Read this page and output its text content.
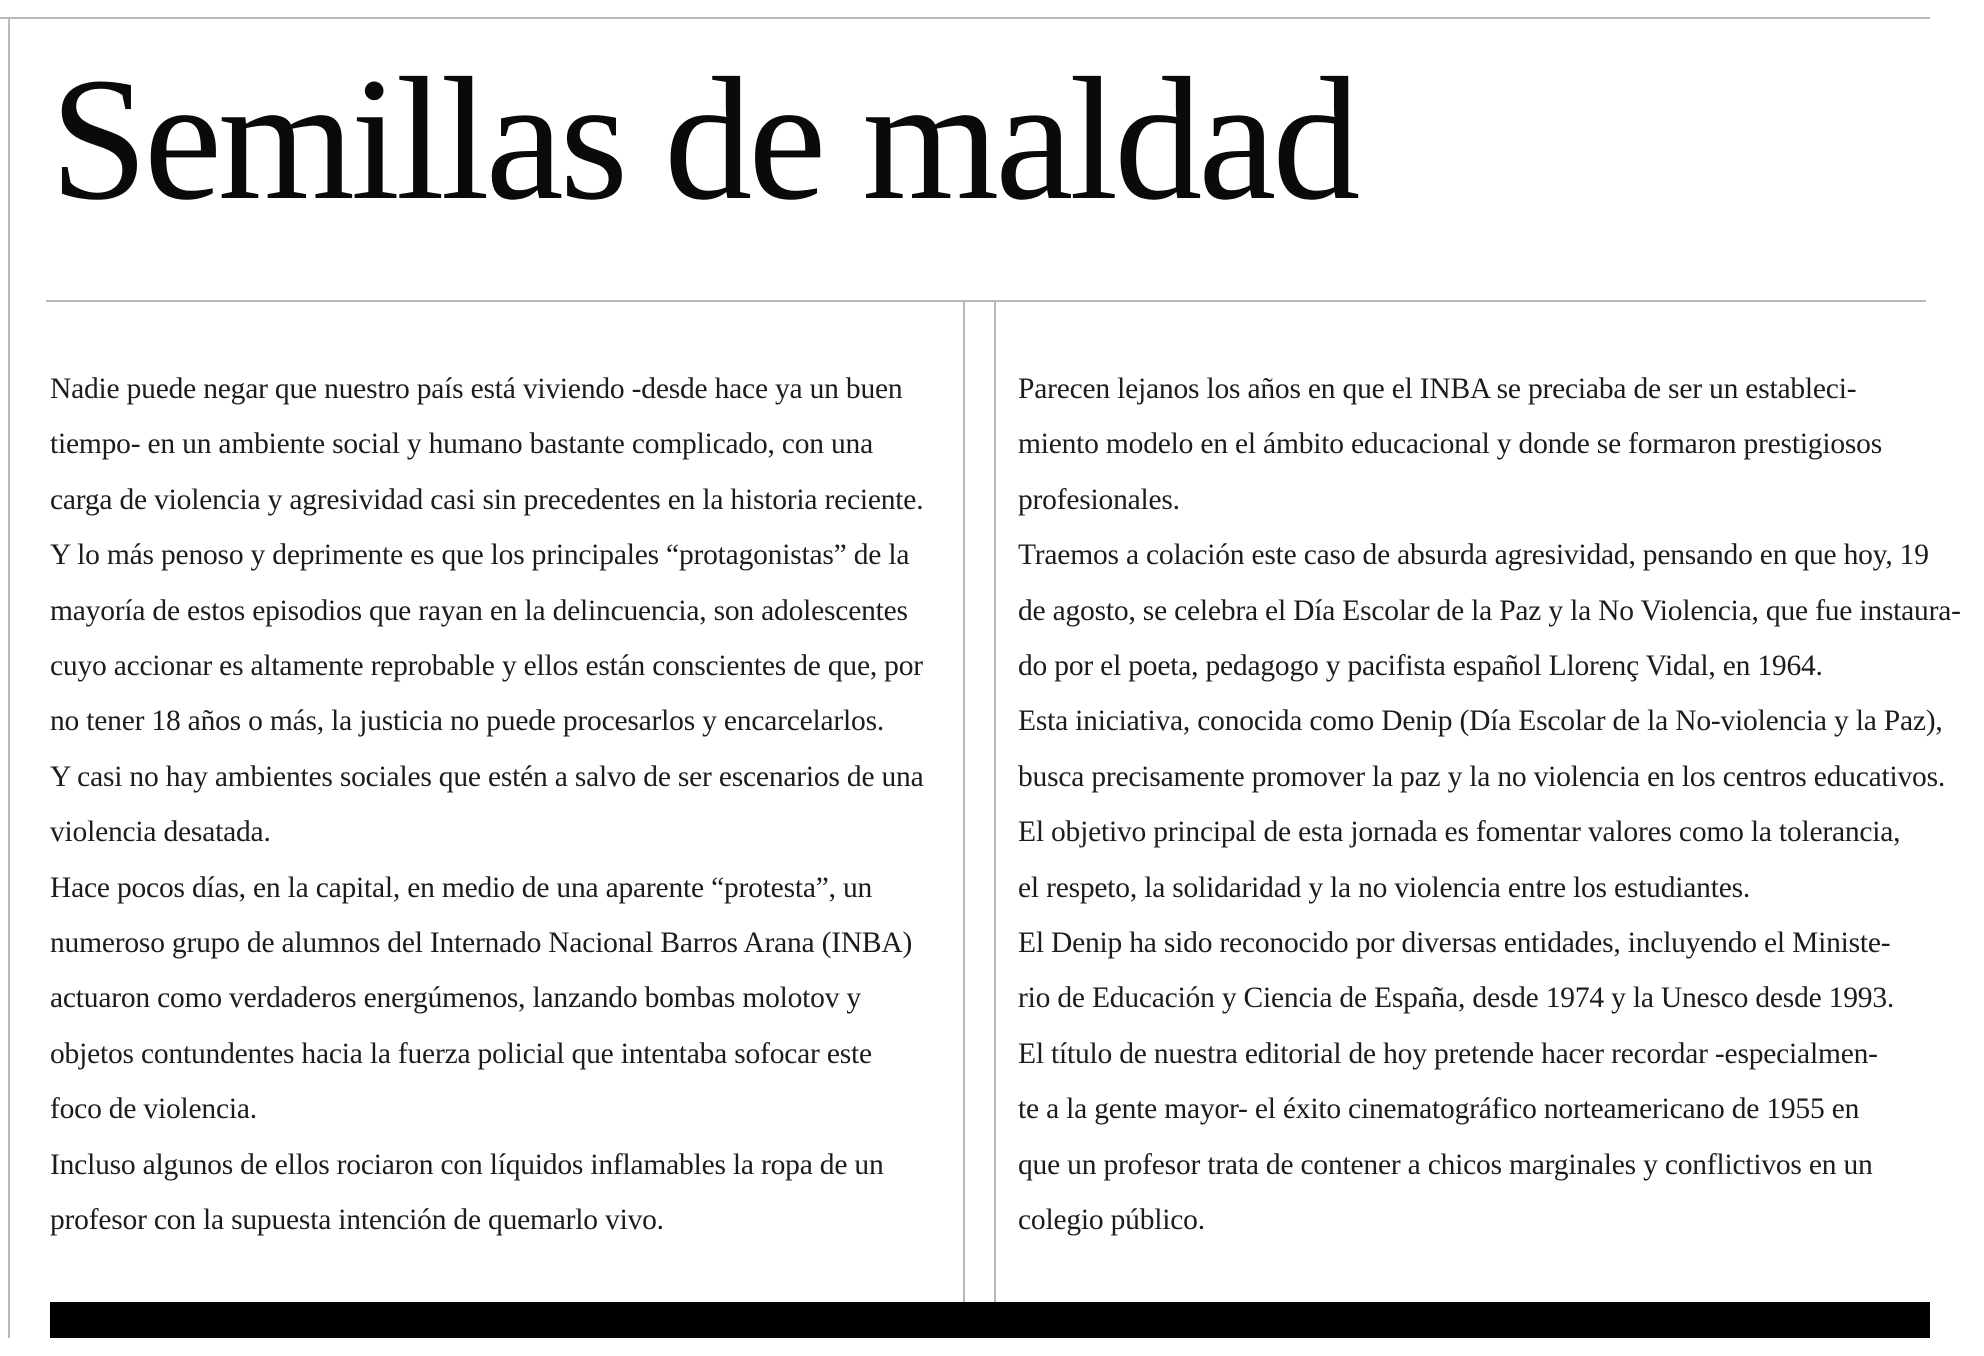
Semillas de maldad

Nadie puede negar que nuestro país está viviendo -desde hace ya un buen

tiempo- en un ambiente social y humano bastante complicado, con una

carga de violencia y agresividad casi sin precedentes en la historia reciente.

Y lo más penoso y deprimente es que los principales “protagonistas” de la

mayoría de estos episodios que rayan en la delincuencia, son adolescentes

cuyo accionar es altamente reprobable y ellos están conscientes de que, por

no tener 18 años o más, la justicia no puede procesarlos y encarcelarlos.

Y casi no hay ambientes sociales que estén a salvo de ser escenarios de una

violencia desatada.

Hace pocos días, en la capital, en medio de una aparente “protesta”, un

numeroso grupo de alumnos del Internado Nacional Barros Arana (INBA)

actuaron como verdaderos energúmenos, lanzando bombas molotov y

objetos contundentes hacia la fuerza policial que intentaba sofocar este

foco de violencia.

Incluso algunos de ellos rociaron con líquidos inflamables la ropa de un

profesor con la supuesta intención de quemarlo vivo.

Parecen lejanos los años en que el INBA se preciaba de ser un estableci-

miento modelo en el ámbito educacional y donde se formaron prestigiosos

profesionales.

Traemos a colación este caso de absurda agresividad, pensando en que hoy, 19

de agosto, se celebra el Día Escolar de la Paz y la No Violencia, que fue instaura-

do por el poeta, pedagogo y pacifista español Llorenç Vidal, en 1964.

Esta iniciativa, conocida como Denip (Día Escolar de la No-violencia y la Paz),

busca precisamente promover la paz y la no violencia en los centros educativos.

El objetivo principal de esta jornada es fomentar valores como la tolerancia,

el respeto, la solidaridad y la no violencia entre los estudiantes.

El Denip ha sido reconocido por diversas entidades, incluyendo el Ministe-

rio de Educación y Ciencia de España, desde 1974 y la Unesco desde 1993.

El título de nuestra editorial de hoy pretende hacer recordar -especialmen-

te a la gente mayor- el éxito cinematográfico norteamericano de 1955 en

que un profesor trata de contener a chicos marginales y conflictivos en un

colegio público.
